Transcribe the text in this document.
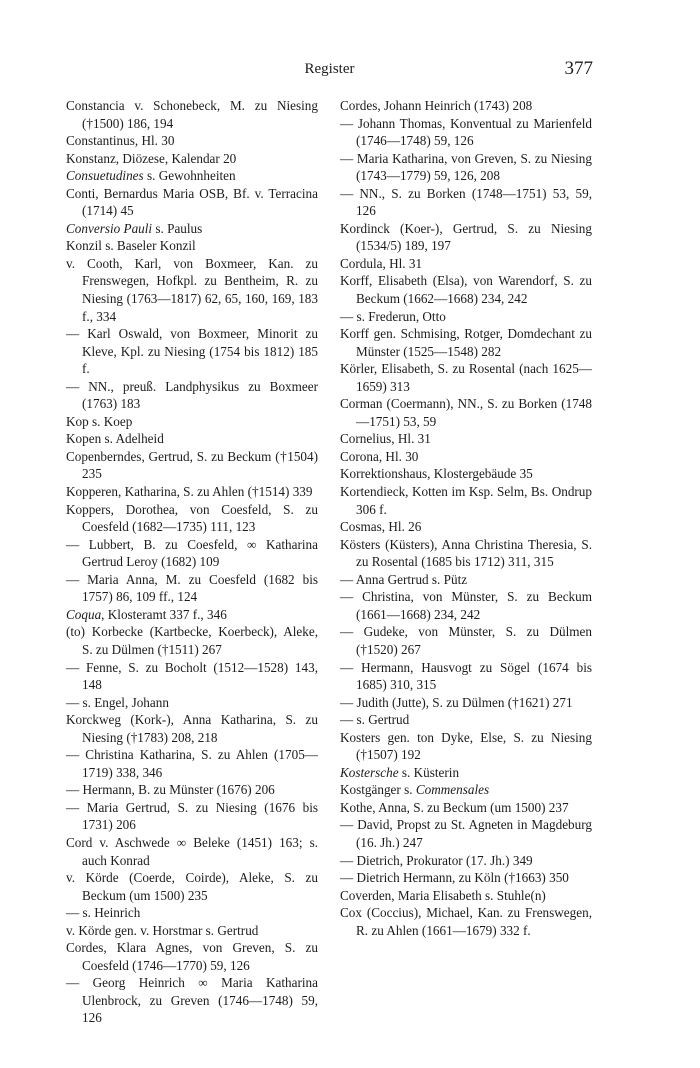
Register	377
Constancia v. Schonebeck, M. zu Niesing (†1500) 186, 194
Constantinus, Hl. 30
Konstanz, Diözese, Kalendar 20
Consuetudines s. Gewohnheiten
Conti, Bernardus Maria OSB, Bf. v. Terracina (1714) 45
Conversio Pauli s. Paulus
Konzil s. Baseler Konzil
v. Cooth, Karl, von Boxmeer, Kan. zu Frenswegen, Hofkpl. zu Bentheim, R. zu Niesing (1763—1817) 62, 65, 160, 169, 183 f., 334
— Karl Oswald, von Boxmeer, Minorit zu Kleve, Kpl. zu Niesing (1754 bis 1812) 185 f.
— NN., preuß. Landphysikus zu Boxmeer (1763) 183
Kop s. Koep
Kopen s. Adelheid
Copenberndes, Gertrud, S. zu Beckum (†1504) 235
Kopperen, Katharina, S. zu Ahlen (†1514) 339
Koppers, Dorothea, von Coesfeld, S. zu Coesfeld (1682—1735) 111, 123
— Lubbert, B. zu Coesfeld, ∞ Katharina Gertrud Leroy (1682) 109
— Maria Anna, M. zu Coesfeld (1682 bis 1757) 86, 109 ff., 124
Coqua, Klosteramt 337 f., 346
(to) Korbecke (Kartbecke, Koerbeck), Aleke, S. zu Dülmen (†1511) 267
— Fenne, S. zu Bocholt (1512—1528) 143, 148
— s. Engel, Johann
Korckweg (Kork-), Anna Katharina, S. zu Niesing (†1783) 208, 218
— Christina Katharina, S. zu Ahlen (1705—1719) 338, 346
— Hermann, B. zu Münster (1676) 206
— Maria Gertrud, S. zu Niesing (1676 bis 1731) 206
Cord v. Aschwede ∞ Beleke (1451) 163; s. auch Konrad
v. Körde (Coerde, Coirde), Aleke, S. zu Beckum (um 1500) 235
— s. Heinrich
v. Körde gen. v. Horstmar s. Gertrud
Cordes, Klara Agnes, von Greven, S. zu Coesfeld (1746—1770) 59, 126
— Georg Heinrich ∞ Maria Katharina Ulenbrock, zu Greven (1746—1748) 59, 126
Cordes, Johann Heinrich (1743) 208
— Johann Thomas, Konventual zu Marienfeld (1746—1748) 59, 126
— Maria Katharina, von Greven, S. zu Niesing (1743—1779) 59, 126, 208
— NN., S. zu Borken (1748—1751) 53, 59, 126
Kordinck (Koer-), Gertrud, S. zu Niesing (1534/5) 189, 197
Cordula, Hl. 31
Korff, Elisabeth (Elsa), von Warendorf, S. zu Beckum (1662—1668) 234, 242
— s. Frederun, Otto
Korff gen. Schmising, Rotger, Domdechant zu Münster (1525—1548) 282
Körler, Elisabeth, S. zu Rosental (nach 1625—1659) 313
Corman (Coermann), NN., S. zu Borken (1748—1751) 53, 59
Cornelius, Hl. 31
Corona, Hl. 30
Korrektionshaus, Klostergebäude 35
Kortendieck, Kotten im Ksp. Selm, Bs. Ondrup 306 f.
Cosmas, Hl. 26
Kösters (Küsters), Anna Christina Theresia, S. zu Rosental (1685 bis 1712) 311, 315
— Anna Gertrud s. Pütz
— Christina, von Münster, S. zu Beckum (1661—1668) 234, 242
— Gudeke, von Münster, S. zu Dülmen (†1520) 267
— Hermann, Hausvogt zu Sögel (1674 bis 1685) 310, 315
— Judith (Jutte), S. zu Dülmen (†1621) 271
— s. Gertrud
Kosters gen. ton Dyke, Else, S. zu Niesing (†1507) 192
Kostersche s. Küsterin
Kostgänger s. Commensales
Kothe, Anna, S. zu Beckum (um 1500) 237
— David, Propst zu St. Agneten in Magdeburg (16. Jh.) 247
— Dietrich, Prokurator (17. Jh.) 349
— Dietrich Hermann, zu Köln (†1663) 350
Coverden, Maria Elisabeth s. Stuhle(n)
Cox (Coccius), Michael, Kan. zu Frenswegen, R. zu Ahlen (1661—1679) 332 f.
